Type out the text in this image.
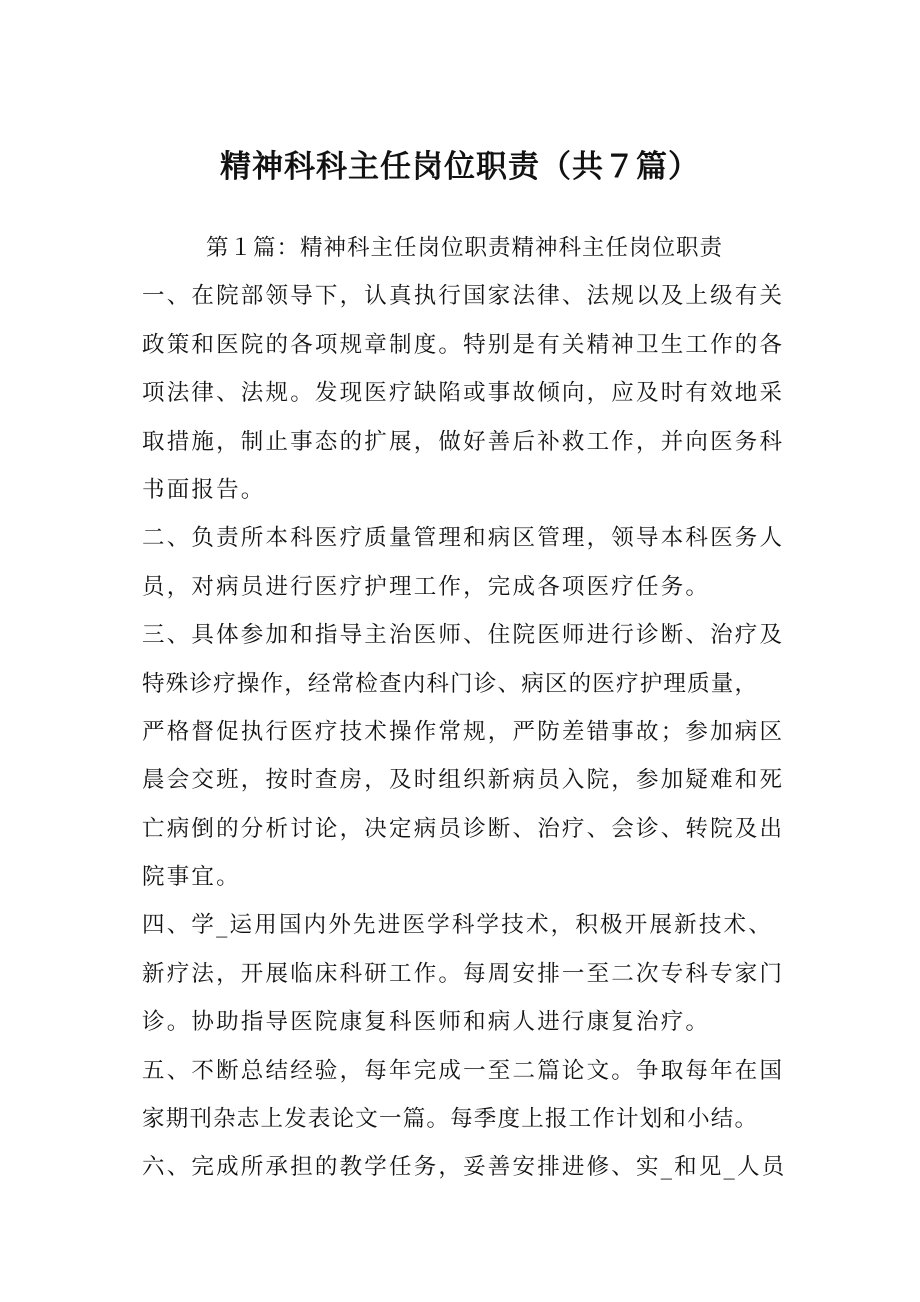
精神科科主任岗位职责（共７篇）
第１篇：精神科主任岗位职责精神科主任岗位职责
一、在院部领导下，认真执行国家法律、法规以及上级有关
政策和医院的各项规章制度。特别是有关精神卫生工作的各
项法律、法规。发现医疗缺陷或事故倾向，应及时有效地采
取措施，制止事态的扩展，做好善后补救工作，并向医务科
书面报告。
二、负责所本科医疗质量管理和病区管理，领导本科医务人
员，对病员进行医疗护理工作，完成各项医疗任务。
三、具体参加和指导主治医师、住院医师进行诊断、治疗及
特殊诊疗操作，经常检查内科门诊、病区的医疗护理质量，
严格督促执行医疗技术操作常规，严防差错事故；参加病区
晨会交班，按时查房，及时组织新病员入院，参加疑难和死
亡病倒的分析讨论，决定病员诊断、治疗、会诊、转院及出
院事宜。
四、学_运用国内外先进医学科学技术，积极开展新技术、
新疗法，开展临床科研工作。每周安排一至二次专科专家门
诊。协助指导医院康复科医师和病人进行康复治疗。
五、不断总结经验，每年完成一至二篇论文。争取每年在国
家期刊杂志上发表论文一篇。每季度上报工作计划和小结。
六、完成所承担的教学任务，妥善安排进修、实_和见_人员
